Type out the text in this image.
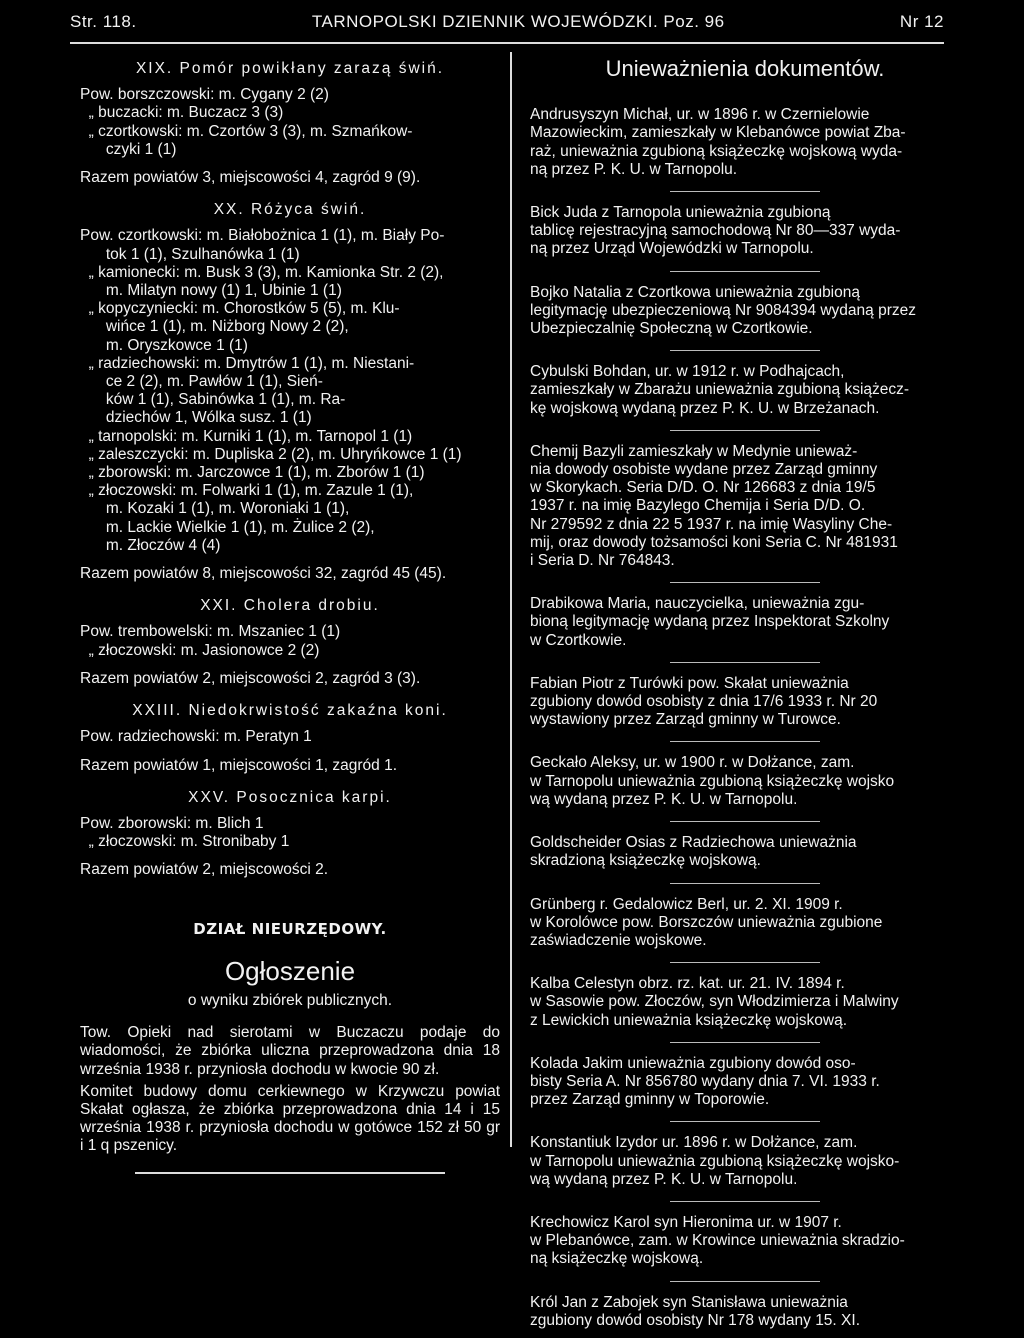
Str. 118.	TARNOPOLSKI DZIENNIK WOJEWÓDZKI. Poz. 96	Nr 12
XIX. Pomór powikłany zarazą świń.
Pow. borszczowski: m. Cygany 2 (2)
„ buczacki: m. Buczacz 3 (3)
„ czortkowski: m. Czortów 3 (3), m. Szmańkow-
czyki 1 (1)
Razem powiatów 3, miejscowości 4, zagród 9 (9).
XX. Różyca świń.
Pow. czortkowski: m. Białobożnica 1 (1), m. Biały Po-
tok 1 (1), Szulhanówka 1 (1)
„ kamionecki: m. Busk 3 (3), m. Kamionka Str. 2 (2),
m. Milatyn nowy (1) 1, Ubinie 1 (1)
„ kopyczyniecki: m. Chorostków 5 (5), m. Klu-
wińce 1 (1), m. Niżborg Nowy 2 (2),
m. Oryszkowce 1 (1)
„ radziechowski: m. Dmytrów 1 (1), m. Niestani-
ce 2 (2), m. Pawłów 1 (1), Sień-
ków 1 (1), Sabinówka 1 (1), m. Ra-
dziechów 1, Wólka susz. 1 (1)
„ tarnopolski: m. Kurniki 1 (1), m. Tarnopol 1 (1)
„ zaleszczycki: m. Dupliska 2 (2), m. Uhryńkowce 1 (1)
„ zborowski: m. Jarczowce 1 (1), m. Zborów 1 (1)
„ złoczowski: m. Folwarki 1 (1), m. Zazule 1 (1),
m. Kozaki 1 (1), m. Woroniaki 1 (1),
m. Lackie Wielkie 1 (1), m. Żulice 2 (2),
m. Złoczów 4 (4)
Razem powiatów 8, miejscowości 32, zagród 45 (45).
XXI. Cholera drobiu.
Pow. trembowelski: m. Mszaniec 1 (1)
„ złoczowski: m. Jasionowce 2 (2)
Razem powiatów 2, miejscowości 2, zagród 3 (3).
XXIII. Niedokrwistość zakaźna koni.
Pow. radziechowski: m. Peratyn 1
Razem powiatów 1, miejscowości 1, zagród 1.
XXV. Posocznica karpi.
Pow. zborowski: m. Blich 1
„ złoczowski: m. Stronibaby 1
Razem powiatów 2, miejscowości 2.
DZIAŁ NIEURZĘDOWY.
Ogłoszenie
o wyniku zbiórek publicznych.

Tow. Opieki nad sierotami w Buczaczu podaje do wiadomości, że zbiórka uliczna przeprowadzona dnia 18 września 1938 r. przyniosła dochodu w kwocie 90 zł.

Komitet budowy domu cerkiewnego w Krzywczu powiat Skałat ogłasza, że zbiórka przeprowadzona dnia 14 i 15 września 1938 r. przyniosła dochodu w gotówce 152 zł 50 gr i 1 q pszenicy.

Unieważnienia dokumentów.
Andrusyszyn Michał, ur. w 1896 r. w Czernielowie
Mazowieckim, zamieszkały w Klebanówce powiat Zba-
raż, unieważnia zgubioną książeczkę wojskową wyda-
ną przez P. K. U. w Tarnopolu.
Bick Juda z Tarnopola unieważnia zgubioną
tablicę rejestracyjną samochodową Nr 80—337 wyda-
ną przez Urząd Wojewódzki w Tarnopolu.
Bojko Natalia z Czortkowa unieważnia zgubioną
legitymację ubezpieczeniową Nr 9084394 wydaną przez
Ubezpieczalnię Społeczną w Czortkowie.
Cybulski Bohdan, ur. w 1912 r. w Podhajcach,
zamieszkały w Zbarażu unieważnia zgubioną książecz-
kę wojskową wydaną przez P. K. U. w Brzeżanach.
Chemij Bazyli zamieszkały w Medynie unieważ-
nia dowody osobiste wydane przez Zarząd gminny
w Skorykach. Seria D/D. O. Nr 126683 z dnia 19/5
1937 r. na imię Bazylego Chemija i Seria D/D. O.
Nr 279592 z dnia 22 5 1937 r. na imię Wasyliny Che-
mij, oraz dowody tożsamości koni Seria C. Nr 481931
i Seria D. Nr 764843.
Drabikowa Maria, nauczycielka, unieważnia zgu-
bioną legitymację wydaną przez Inspektorat Szkolny
w Czortkowie.
Fabian Piotr z Turówki pow. Skałat unieważnia
zgubiony dowód osobisty z dnia 17/6 1933 r. Nr 20
wystawiony przez Zarząd gminny w Turowce.
Geckało Aleksy, ur. w 1900 r. w Dołżance, zam.
w Tarnopolu unieważnia zgubioną książeczkę wojsko
wą wydaną przez P. K. U. w Tarnopolu.
Goldscheider Osias z Radziechowa unieważnia
skradzioną książeczkę wojskową.
Grünberg r. Gedalowicz Berl, ur. 2. XI. 1909 r.
w Korolówce pow. Borszczów unieważnia zgubione
zaświadczenie wojskowe.
Kalba Celestyn obrz. rz. kat. ur. 21. IV. 1894 r.
w Sasowie pow. Złoczów, syn Włodzimierza i Malwiny
z Lewickich unieważnia książeczkę wojskową.
Kolada Jakim unieważnia zgubiony dowód oso-
bisty Seria A. Nr 856780 wydany dnia 7. VI. 1933 r.
przez Zarząd gminny w Toporowie.
Konstantiuk Izydor ur. 1896 r. w Dołżance, zam.
w Tarnopolu unieważnia zgubioną książeczkę wojsko-
wą wydaną przez P. K. U. w Tarnopolu.
Krechowicz Karol syn Hieronima ur. w 1907 r.
w Plebanówce, zam. w Krowince unieważnia skradzio-
ną książeczkę wojskową.
Król Jan z Zabojek syn Stanisława unieważnia
zgubiony dowód osobisty Nr 178 wydany 15. XI.
